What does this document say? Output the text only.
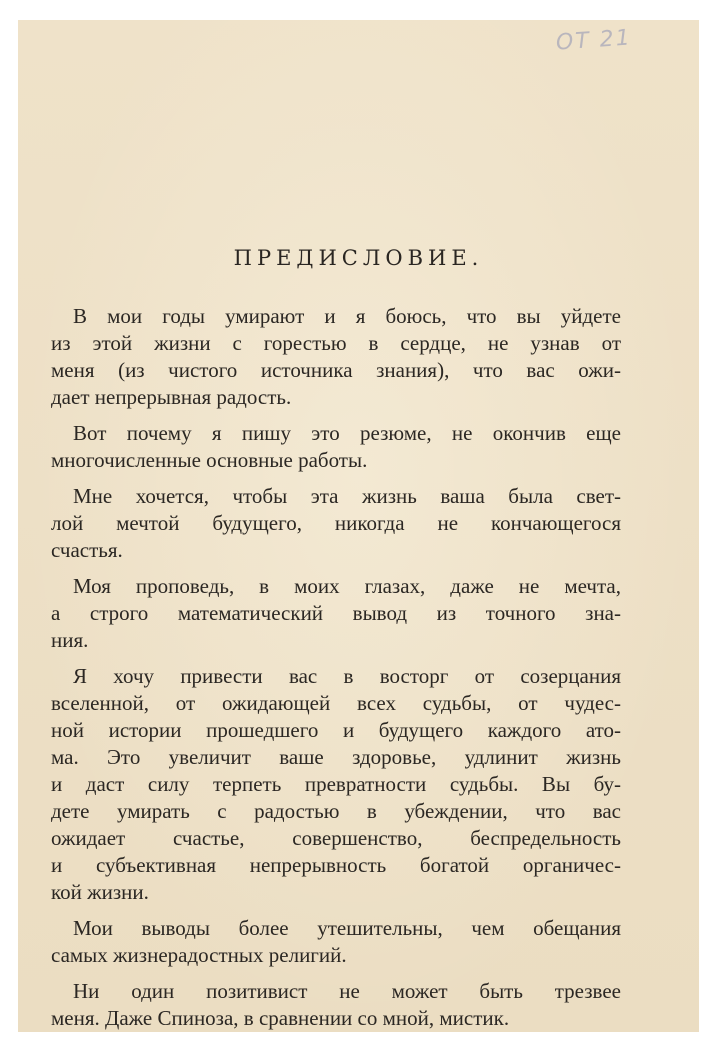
ОТ 21
ПРЕДИСЛОВИЕ.
В мои годы умирают и я боюсь, что вы уйдете
из этой жизни с горестью в сердце, не узнав от
меня (из чистого источника знания), что вас ожи-
дает непрерывная радость.
Вот почему я пишу это резюме, не окончив еще
многочисленные основные работы.
Мне хочется, чтобы эта жизнь ваша была свет-
лой мечтой будущего, никогда не кончающегося
счастья.
Моя проповедь, в моих глазах, даже не мечта,
а строго математический вывод из точного зна-
ния.
Я хочу привести вас в восторг от созерцания
вселенной, от ожидающей всех судьбы, от чудес-
ной истории прошедшего и будущего каждого ато-
ма. Это увеличит ваше здоровье, удлинит жизнь
и даст силу терпеть превратности судьбы. Вы бу-
дете умирать с радостью в убеждении, что вас
ожидает счастье, совершенство, беспредельность
и субъективная непрерывность богатой органичес-
кой жизни.
Мои выводы более утешительны, чем обещания
самых жизнерадостных религий.
Ни один позитивист не может быть трезвее
меня. Даже Спиноза, в сравнении со мной, мистик.
